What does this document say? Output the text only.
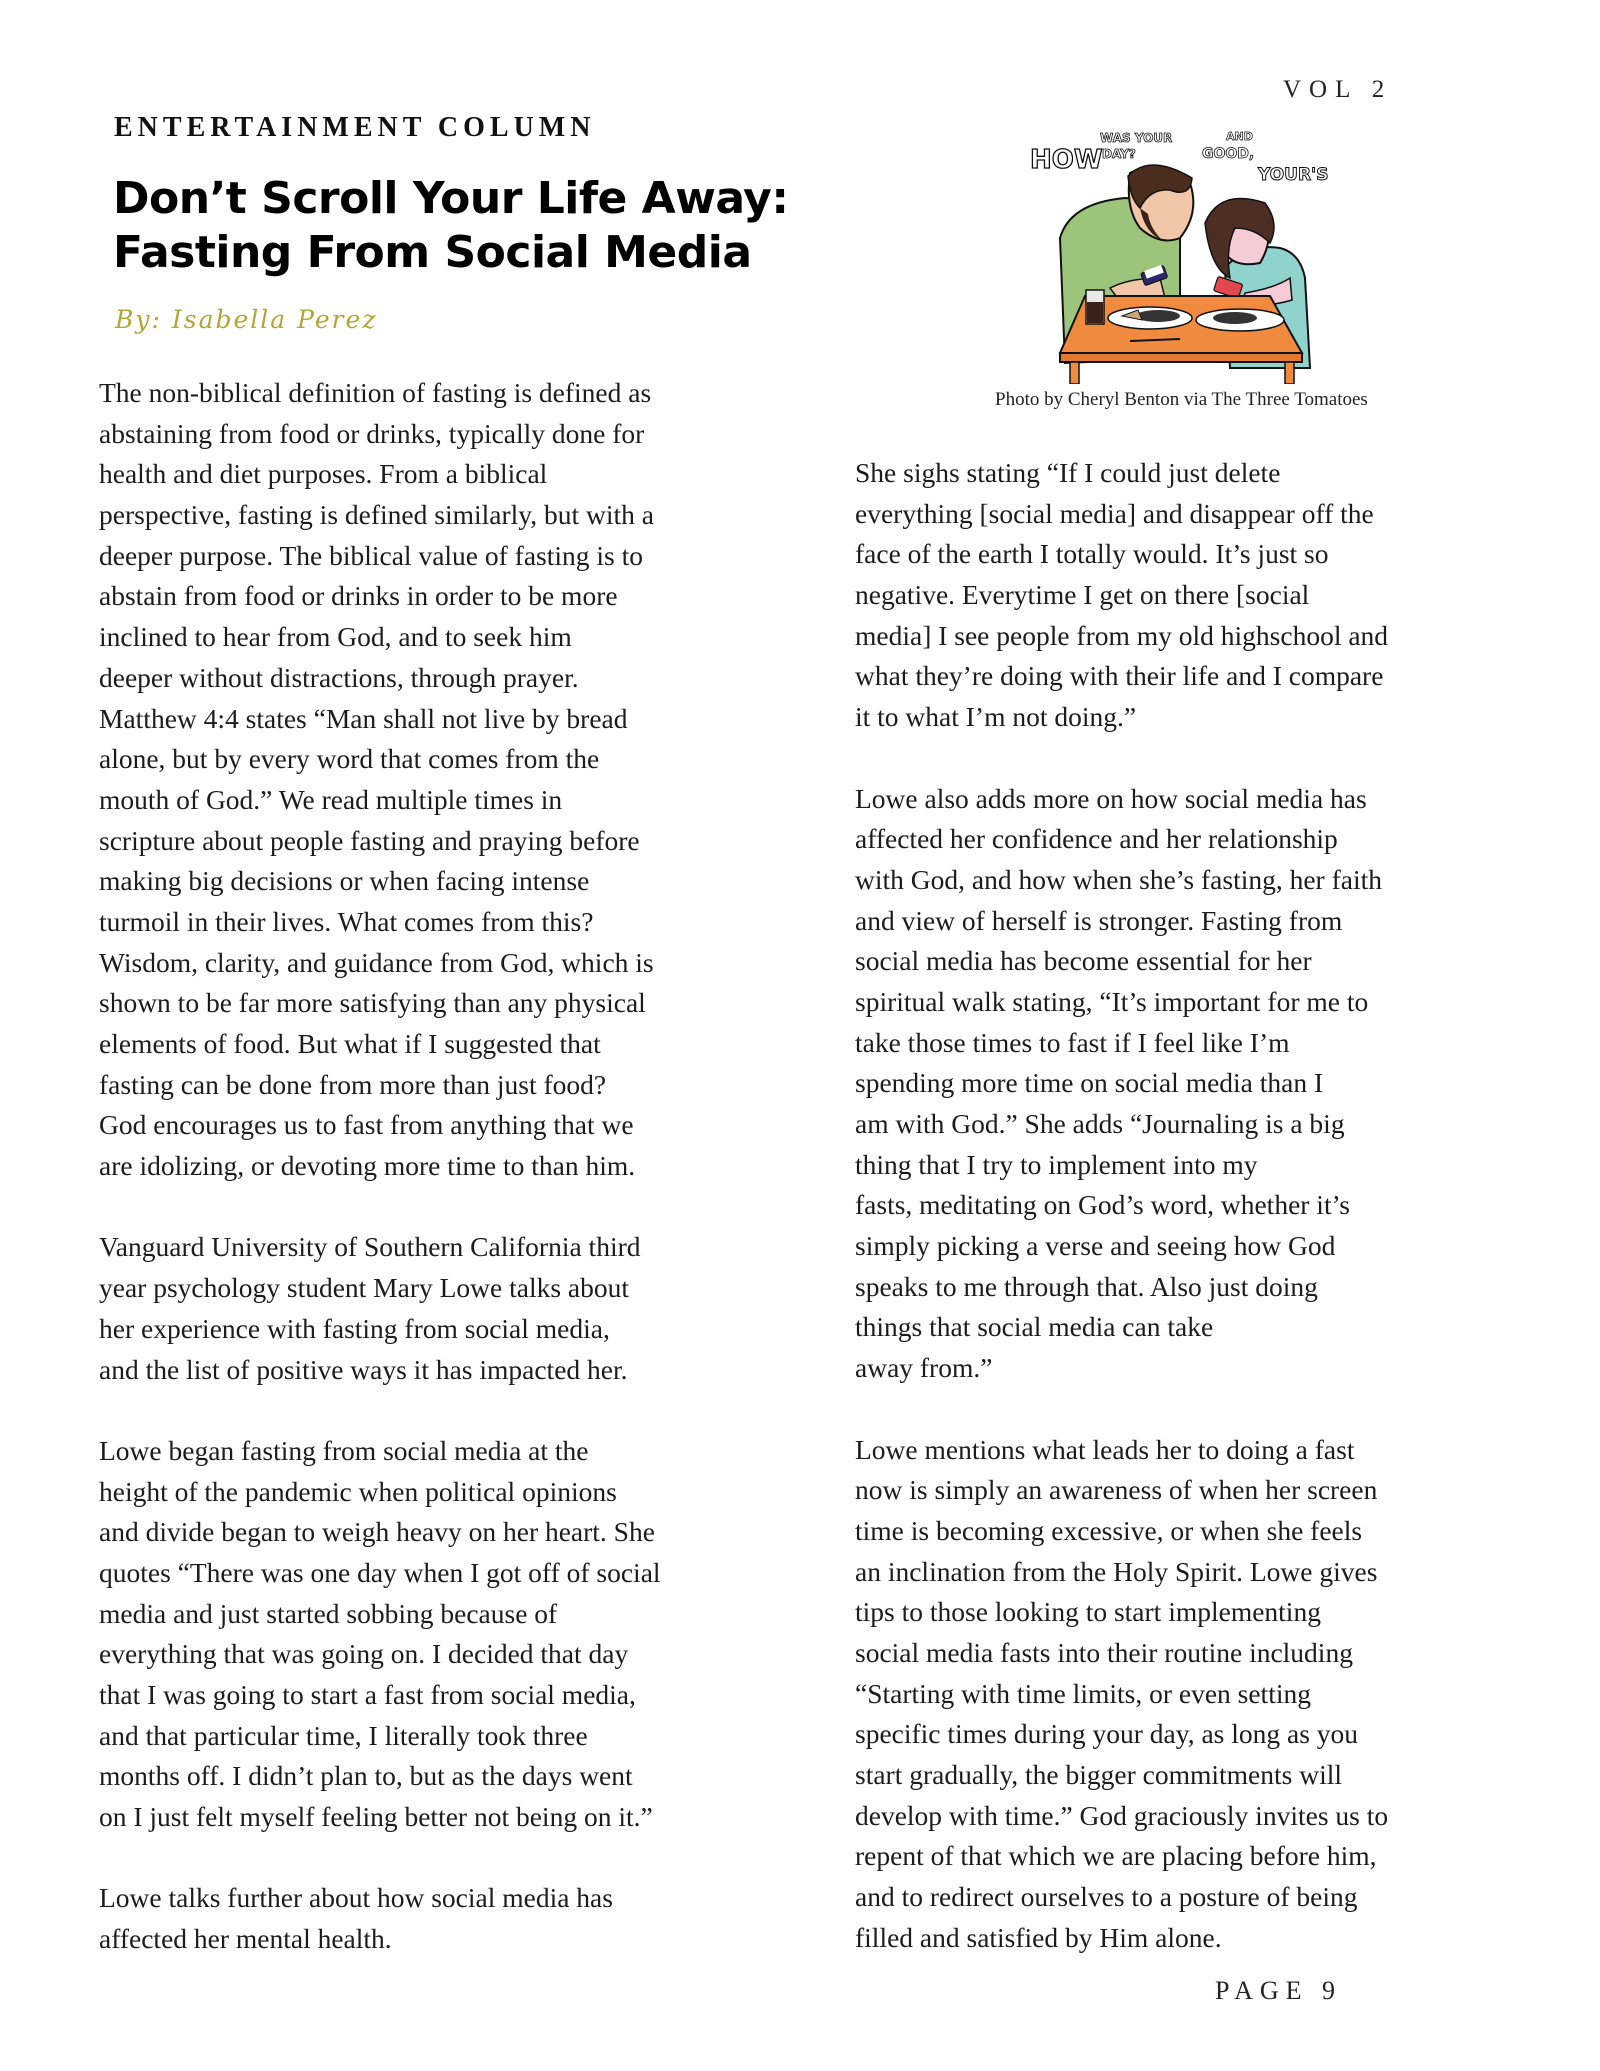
VOL 2
ENTERTAINMENT COLUMN
Don’t Scroll Your Life Away:
Fasting From Social Media
By: Isabella Perez
HOW
WAS YOUR
DAY?
AND
GOOD,
YOUR'S
Photo by Cheryl Benton via The Three Tomatoes
The non-biblical definition of fasting is defined as
abstaining from food or drinks, typically done for
health and diet purposes. From a biblical
perspective, fasting is defined similarly, but with a
deeper purpose. The biblical value of fasting is to
abstain from food or drinks in order to be more
inclined to hear from God, and to seek him
deeper without distractions, through prayer.
Matthew 4:4 states “Man shall not live by bread
alone, but by every word that comes from the
mouth of God.” We read multiple times in
scripture about people fasting and praying before
making big decisions or when facing intense
turmoil in their lives. What comes from this?
Wisdom, clarity, and guidance from God, which is
shown to be far more satisfying than any physical
elements of food. But what if I suggested that
fasting can be done from more than just food?
God encourages us to fast from anything that we
are idolizing, or devoting more time to than him.
Vanguard University of Southern California third
year psychology student Mary Lowe talks about
her experience with fasting from social media,
and the list of positive ways it has impacted her.
Lowe began fasting from social media at the
height of the pandemic when political opinions
and divide began to weigh heavy on her heart. She
quotes “There was one day when I got off of social
media and just started sobbing because of
everything that was going on. I decided that day
that I was going to start a fast from social media,
and that particular time, I literally took three
months off. I didn’t plan to, but as the days went
on I just felt myself feeling better not being on it.”
Lowe talks further about how social media has
affected her mental health.
She sighs stating “If I could just delete
everything [social media] and disappear off the
face of the earth I totally would. It’s just so
negative. Everytime I get on there [social
media] I see people from my old highschool and
what they’re doing with their life and I compare
it to what I’m not doing.”
Lowe also adds more on how social media has
affected her confidence and her relationship
with God, and how when she’s fasting, her faith
and view of herself is stronger. Fasting from
social media has become essential for her
spiritual walk stating, “It’s important for me to
take those times to fast if I feel like I’m
spending more time on social media than I
am with God.” She adds “Journaling is a big
thing that I try to implement into my
fasts, meditating on God’s word, whether it’s
simply picking a verse and seeing how God
speaks to me through that. Also just doing
things that social media can take
away from.”
Lowe mentions what leads her to doing a fast
now is simply an awareness of when her screen
time is becoming excessive, or when she feels
an inclination from the Holy Spirit. Lowe gives
tips to those looking to start implementing
social media fasts into their routine including
“Starting with time limits, or even setting
specific times during your day, as long as you
start gradually, the bigger commitments will
develop with time.” God graciously invites us to
repent of that which we are placing before him,
and to redirect ourselves to a posture of being
filled and satisfied by Him alone.
PAGE 9
